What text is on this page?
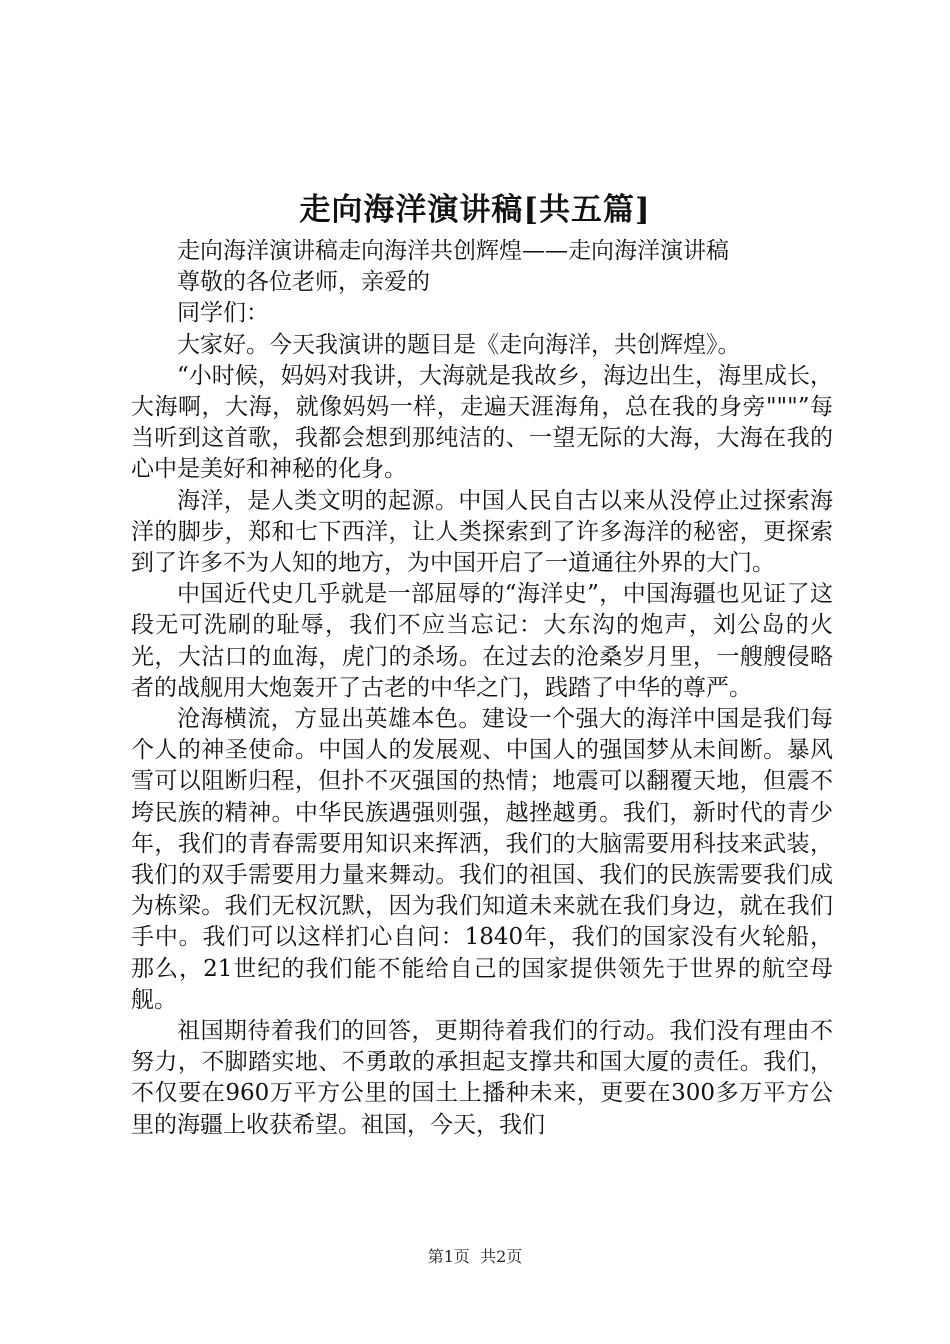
走向海洋演讲稿[共五篇]

走向海洋演讲稿走向海洋共创辉煌——走向海洋演讲稿

尊敬的各位老师，亲爱的

同学们：

大家好。今天我演讲的题目是《走向海洋，共创辉煌》。

“小时候，妈妈对我讲，大海就是我故乡，海边出生，海里成长，大海啊，大海，就像妈妈一样，走遍天涯海角，总在我的身旁"""”每当听到这首歌，我都会想到那纯洁的、一望无际的大海，大海在我的心中是美好和神秘的化身。

海洋，是人类文明的起源。中国人民自古以来从没停止过探索海洋的脚步，郑和七下西洋，让人类探索到了许多海洋的秘密，更探索到了许多不为人知的地方，为中国开启了一道通往外界的大门。

中国近代史几乎就是一部屈辱的“海洋史”，中国海疆也见证了这段无可洗刷的耻辱，我们不应当忘记：大东沟的炮声，刘公岛的火光，大沽口的血海，虎门的杀场。在过去的沧桑岁月里，一艘艘侵略者的战舰用大炮轰开了古老的中华之门，践踏了中华的尊严。

沧海横流，方显出英雄本色。建设一个强大的海洋中国是我们每个人的神圣使命。中国人的发展观、中国人的强国梦从未间断。暴风雪可以阻断归程，但扑不灭强国的热情；地震可以翻覆天地，但震不垮民族的精神。中华民族遇强则强，越挫越勇。我们，新时代的青少年，我们的青春需要用知识来挥洒，我们的大脑需要用科技来武装，我们的双手需要用力量来舞动。我们的祖国、我们的民族需要我们成为栋梁。我们无权沉默，因为我们知道未来就在我们身边，就在我们手中。我们可以这样扪心自问：1840年，我们的国家没有火轮船，那么，21世纪的我们能不能给自己的国家提供领先于世界的航空母舰。

祖国期待着我们的回答，更期待着我们的行动。我们没有理由不努力，不脚踏实地、不勇敢的承担起支撑共和国大厦的责任。我们，不仅要在960万平方公里的国土上播种未来，更要在300多万平方公里的海疆上收获希望。祖国，今天，我们

第1页 共2页
